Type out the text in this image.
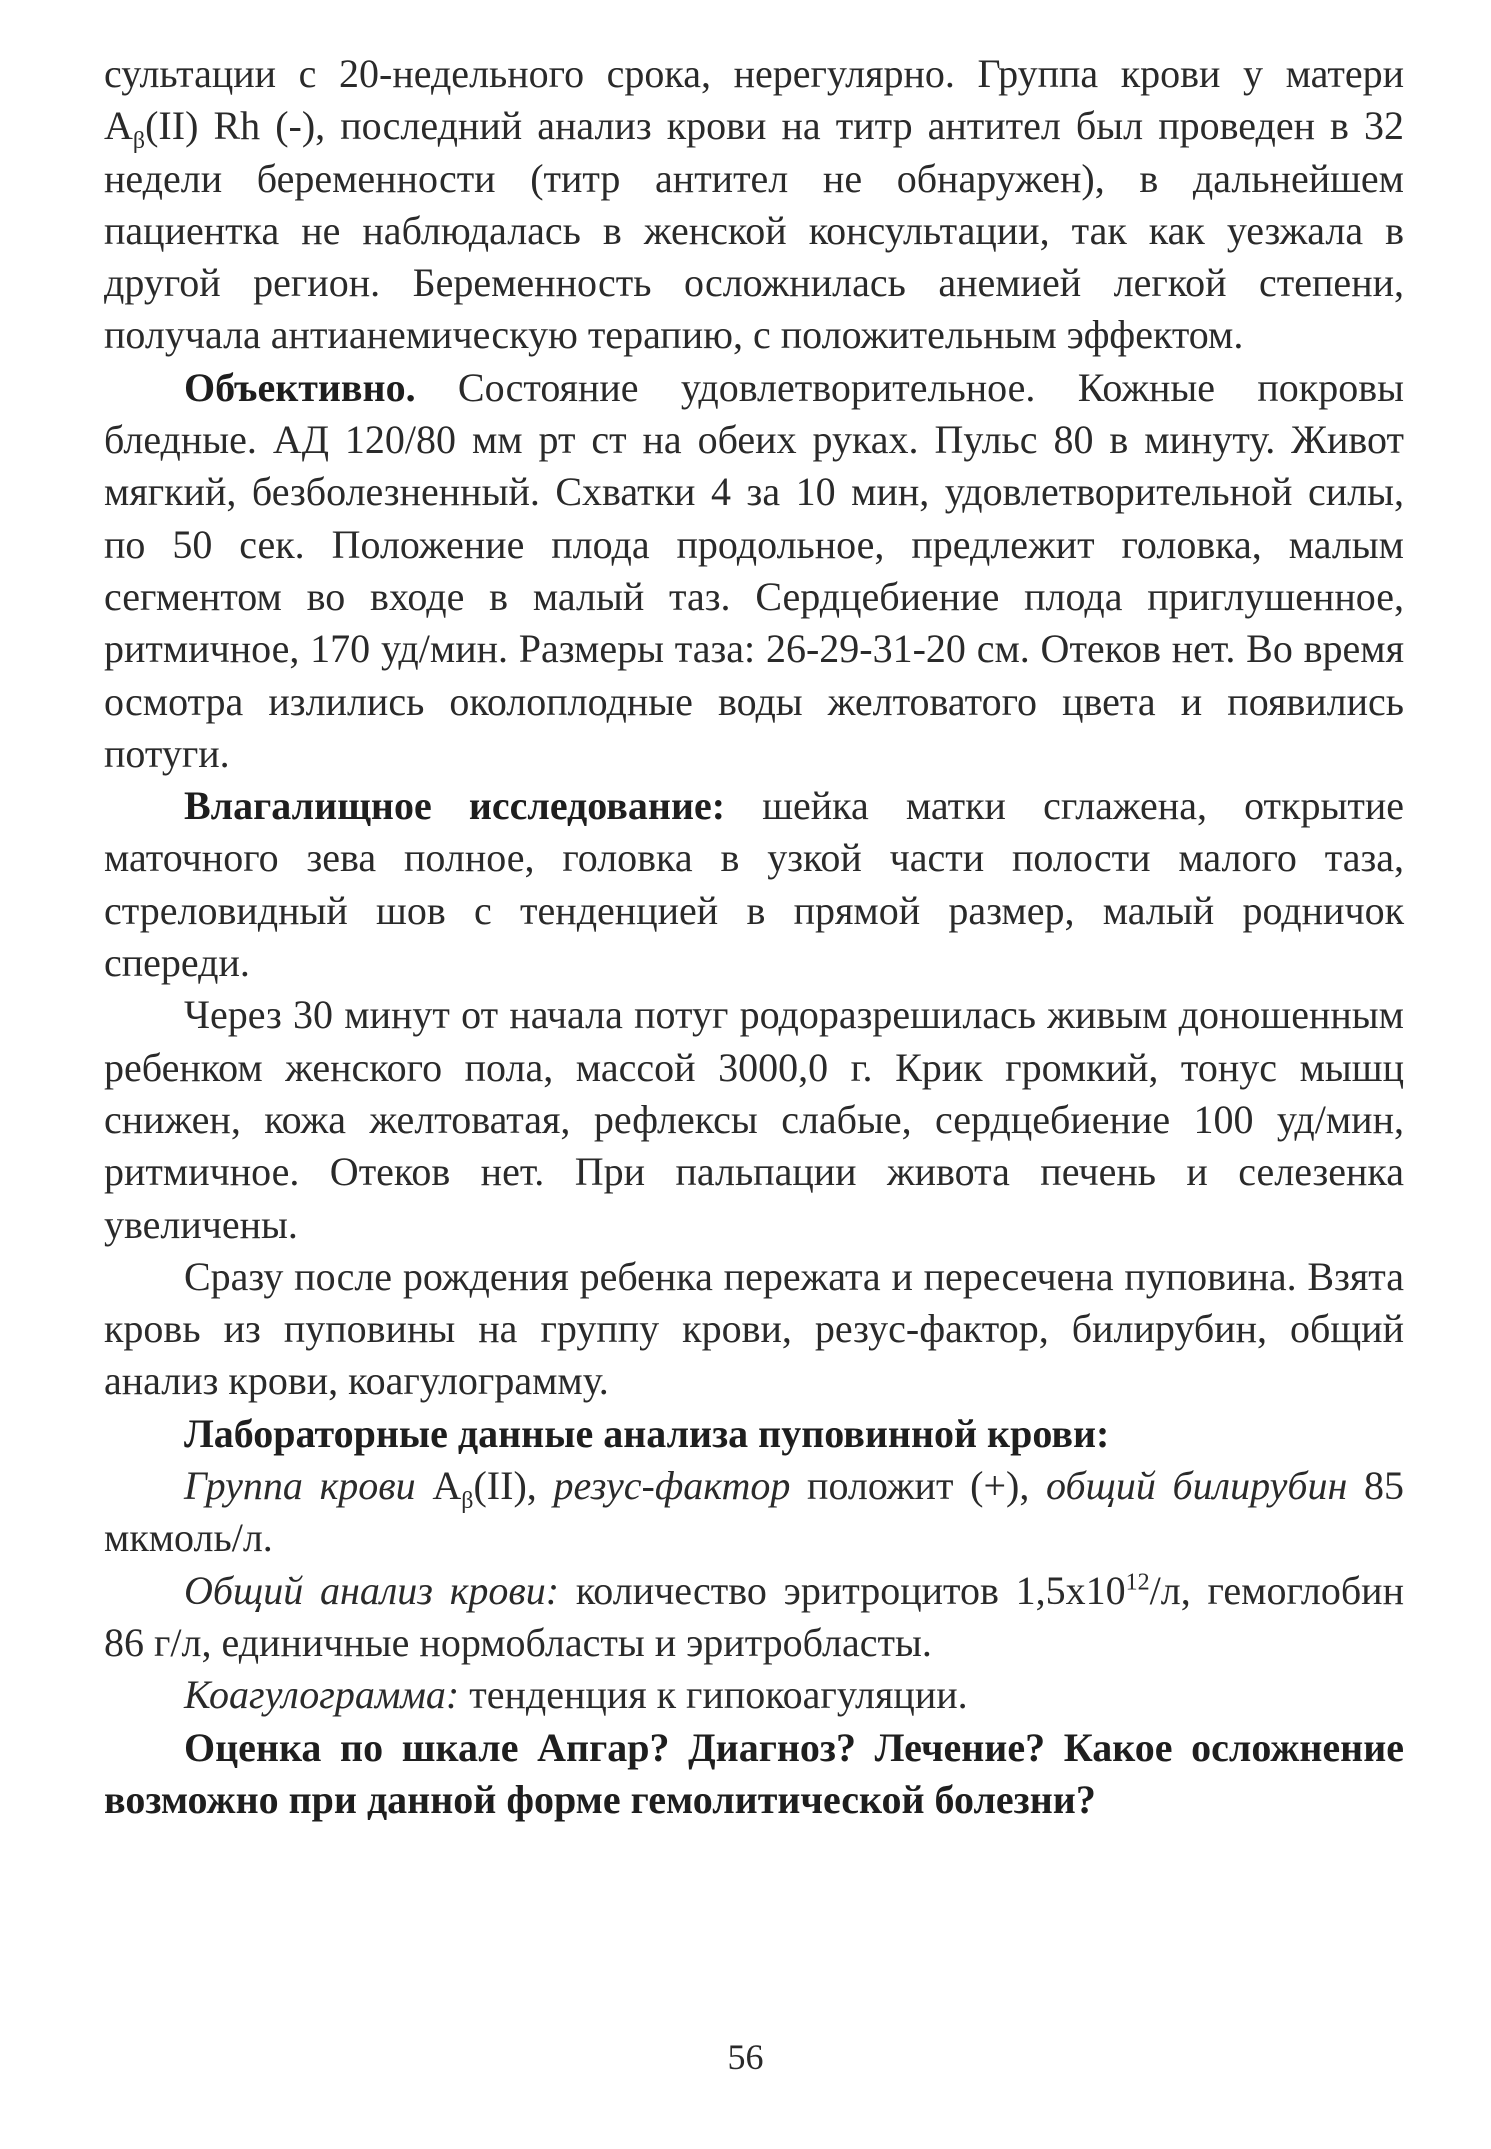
сультации с 20-недельного срока, нерегулярно. Группа крови у матери $А_\beta(II)$ Rh (-), последний анализ крови на титр антител был проведен в 32 недели беременности (титр антител не обнаружен), в дальнейшем пациентка не наблюдалась в женской консультации, так как уезжала в другой регион. Беременность осложнилась анемией легкой степени, получала антианемическую терапию, с положительным эффектом.

Объективно. Состояние удовлетворительное. Кожные покровы бледные. АД 120/80 мм рт ст на обеих руках. Пульс 80 в минуту. Живот мягкий, безболезненный. Схватки 4 за 10 мин, удовлетворительной силы, по 50 сек. Положение плода продольное, предлежит головка, малым сегментом во входе в малый таз. Сердцебиение плода приглушенное, ритмичное, 170 уд/мин. Размеры таза: 26-29-31-20 см. Отеков нет. Во время осмотра излились околоплодные воды желтоватого цвета и появились потуги.

Влагалищное исследование: шейка матки сглажена, открытие маточного зева полное, головка в узкой части полости малого таза, стреловидный шов с тенденцией в прямой размер, малый родничок спереди.

Через 30 минут от начала потуг родоразрешилась живым доношенным ребенком женского пола, массой 3000,0 г. Крик громкий, тонус мышц снижен, кожа желтоватая, рефлексы слабые, сердцебиение 100 уд/мин, ритмичное. Отеков нет. При пальпации живота печень и селезенка увеличены.

Сразу после рождения ребенка пережата и пересечена пуповина. Взята кровь из пуповины на группу крови, резус-фактор, билирубин, общий анализ крови, коагулограмму.

Лабораторные данные анализа пуповинной крови:

Группа крови $А_\beta(II)$, резус-фактор положит (+), общий билирубин 85 мкмоль/л.

Общий анализ крови: количество эритроцитов $1,5х10^{12}/л$, гемоглобин 86 г/л, единичные нормобласты и эритробласты.

Коагулограмма: тенденция к гипокоагуляции.

Оценка по шкале Апгар? Диагноз? Лечение? Какое осложнение возможно при данной форме гемолитической болезни?

56
